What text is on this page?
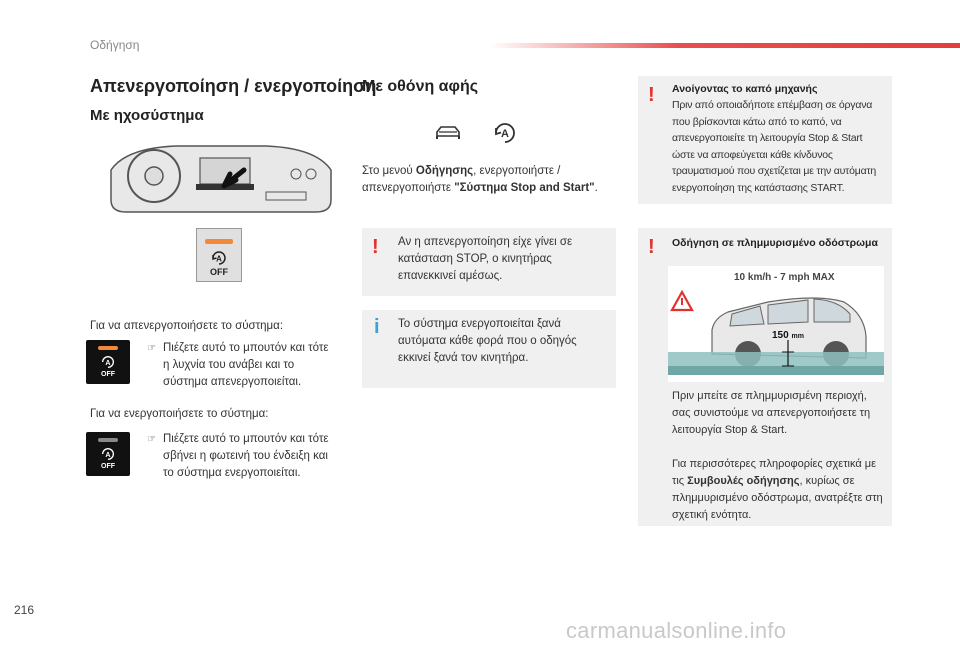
Οδήγηση
Απενεργοποίηση / ενεργοποίηση
Με ηχοσύστημα
A
OFF
Για να απενεργοποιήσετε το σύστημα:
A
OFF
☞ Πιέζετε αυτό το μπουτόν και τότε η λυχνία του ανάβει και το σύστημα απενεργοποιείται.
Για να ενεργοποιήσετε το σύστημα:
A
OFF
☞ Πιέζετε αυτό το μπουτόν και τότε σβήνει η φωτεινή του ένδειξη και το σύστημα ενεργοποιείται.
Με οθόνη αφής
A
Στο μενού Οδήγησης, ενεργοποιήστε / απενεργοποιήστε "Σύστημα Stop and Start".
! Αν η απενεργοποίηση είχε γίνει σε κατάσταση STOP, ο κινητήρας επανεκκινεί αμέσως.
i Το σύστημα ενεργοποιείται ξανά αυτόματα κάθε φορά που ο οδηγός εκκινεί ξανά τον κινητήρα.
! Ανοίγοντας το καπό μηχανής
Πριν από οποιαδήποτε επέμβαση σε όργανα που βρίσκονται κάτω από το καπό, να απενεργοποιείτε τη λειτουργία Stop & Start ώστε να αποφεύγεται κάθε κίνδυνος τραυματισμού που σχετίζεται με την αυτόματη ενεργοποίηση της κατάστασης START.
! Οδήγηση σε πλημμυρισμένο οδόστρωμα
10 km/h - 7 mph MAX
150 mm
Πριν μπείτε σε πλημμυρισμένη περιοχή, σας συνιστούμε να απενεργοποιήσετε τη λειτουργία Stop & Start.
Για περισσότερες πληροφορίες σχετικά με τις Συμβουλές οδήγησης, κυρίως σε πλημμυρισμένο οδόστρωμα, ανατρέξτε στη σχετική ενότητα.
216
carmanualsonline.info
